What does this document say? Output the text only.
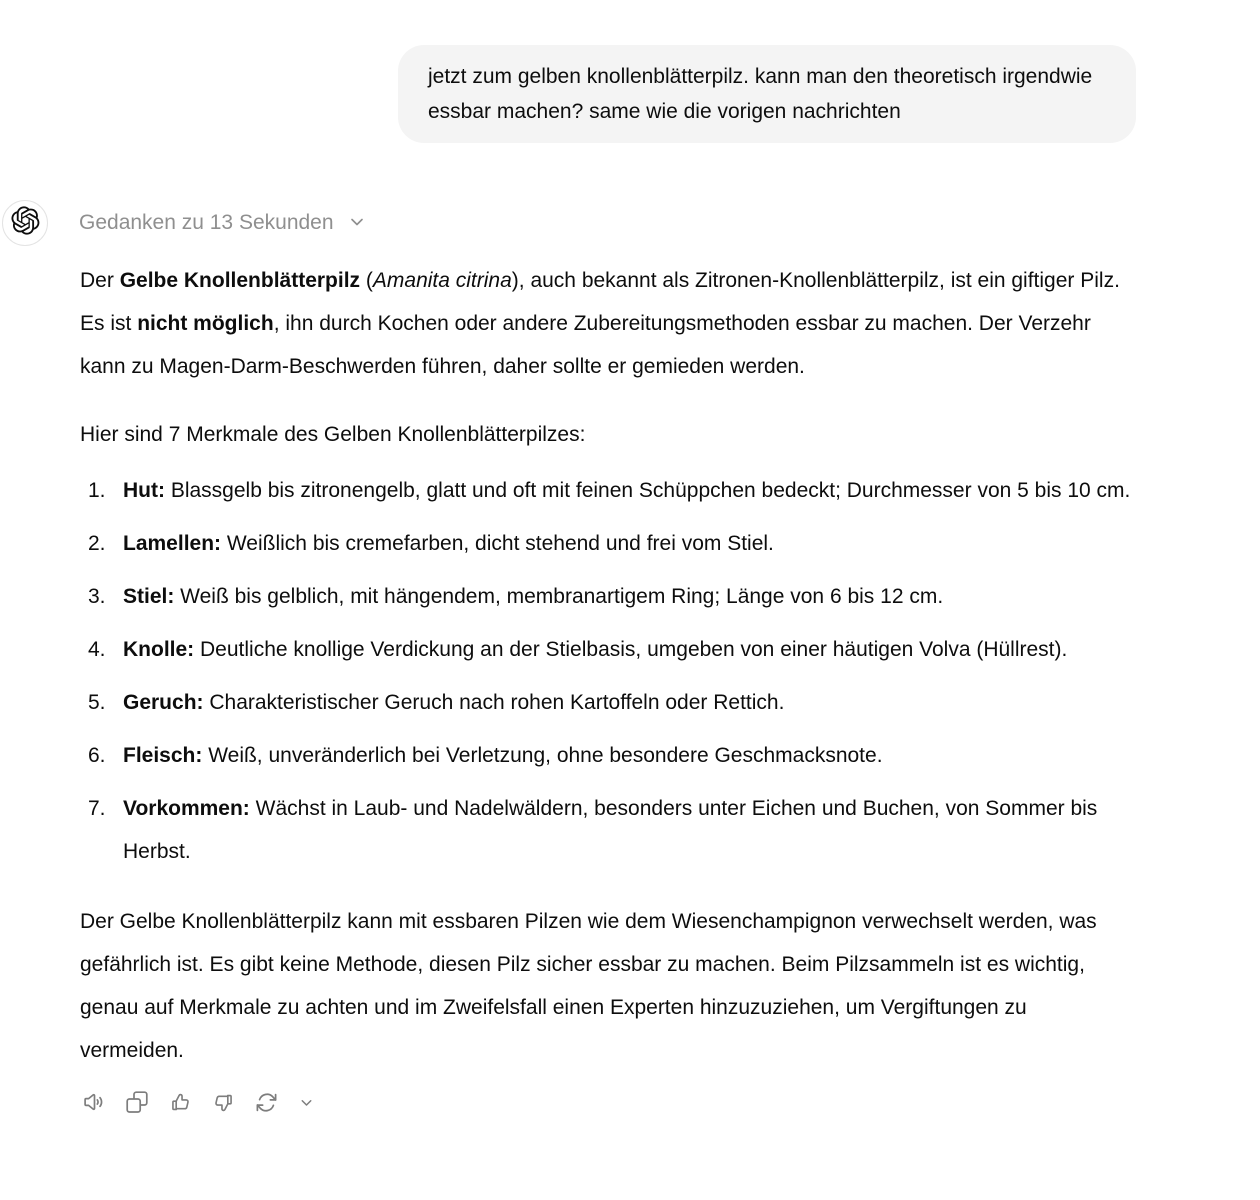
jetzt zum gelben knollenblätterpilz. kann man den theoretisch irgendwie essbar machen? same wie die vorigen nachrichten
Gedanken zu 13 Sekunden

Der Gelbe Knollenblätterpilz (Amanita citrina), auch bekannt als Zitronen-Knollenblätterpilz, ist ein giftiger Pilz. Es ist nicht möglich, ihn durch Kochen oder andere Zubereitungsmethoden essbar zu machen. Der Verzehr kann zu Magen-Darm-Beschwerden führen, daher sollte er gemieden werden.

Hier sind 7 Merkmale des Gelben Knollenblätterpilzes:

1. Hut: Blassgelb bis zitronengelb, glatt und oft mit feinen Schüppchen bedeckt; Durchmesser von 5 bis 10 cm.
2. Lamellen: Weißlich bis cremefarben, dicht stehend und frei vom Stiel.
3. Stiel: Weiß bis gelblich, mit hängendem, membranartigem Ring; Länge von 6 bis 12 cm.
4. Knolle: Deutliche knollige Verdickung an der Stielbasis, umgeben von einer häutigen Volva (Hüllrest).
5. Geruch: Charakteristischer Geruch nach rohen Kartoffeln oder Rettich.
6. Fleisch: Weiß, unveränderlich bei Verletzung, ohne besondere Geschmacksnote.
7. Vorkommen: Wächst in Laub- und Nadelwäldern, besonders unter Eichen und Buchen, von Sommer bis Herbst.

Der Gelbe Knollenblätterpilz kann mit essbaren Pilzen wie dem Wiesenchampignon verwechselt werden, was gefährlich ist. Es gibt keine Methode, diesen Pilz sicher essbar zu machen. Beim Pilzsammeln ist es wichtig, genau auf Merkmale zu achten und im Zweifelsfall einen Experten hinzuzuziehen, um Vergiftungen zu vermeiden.
